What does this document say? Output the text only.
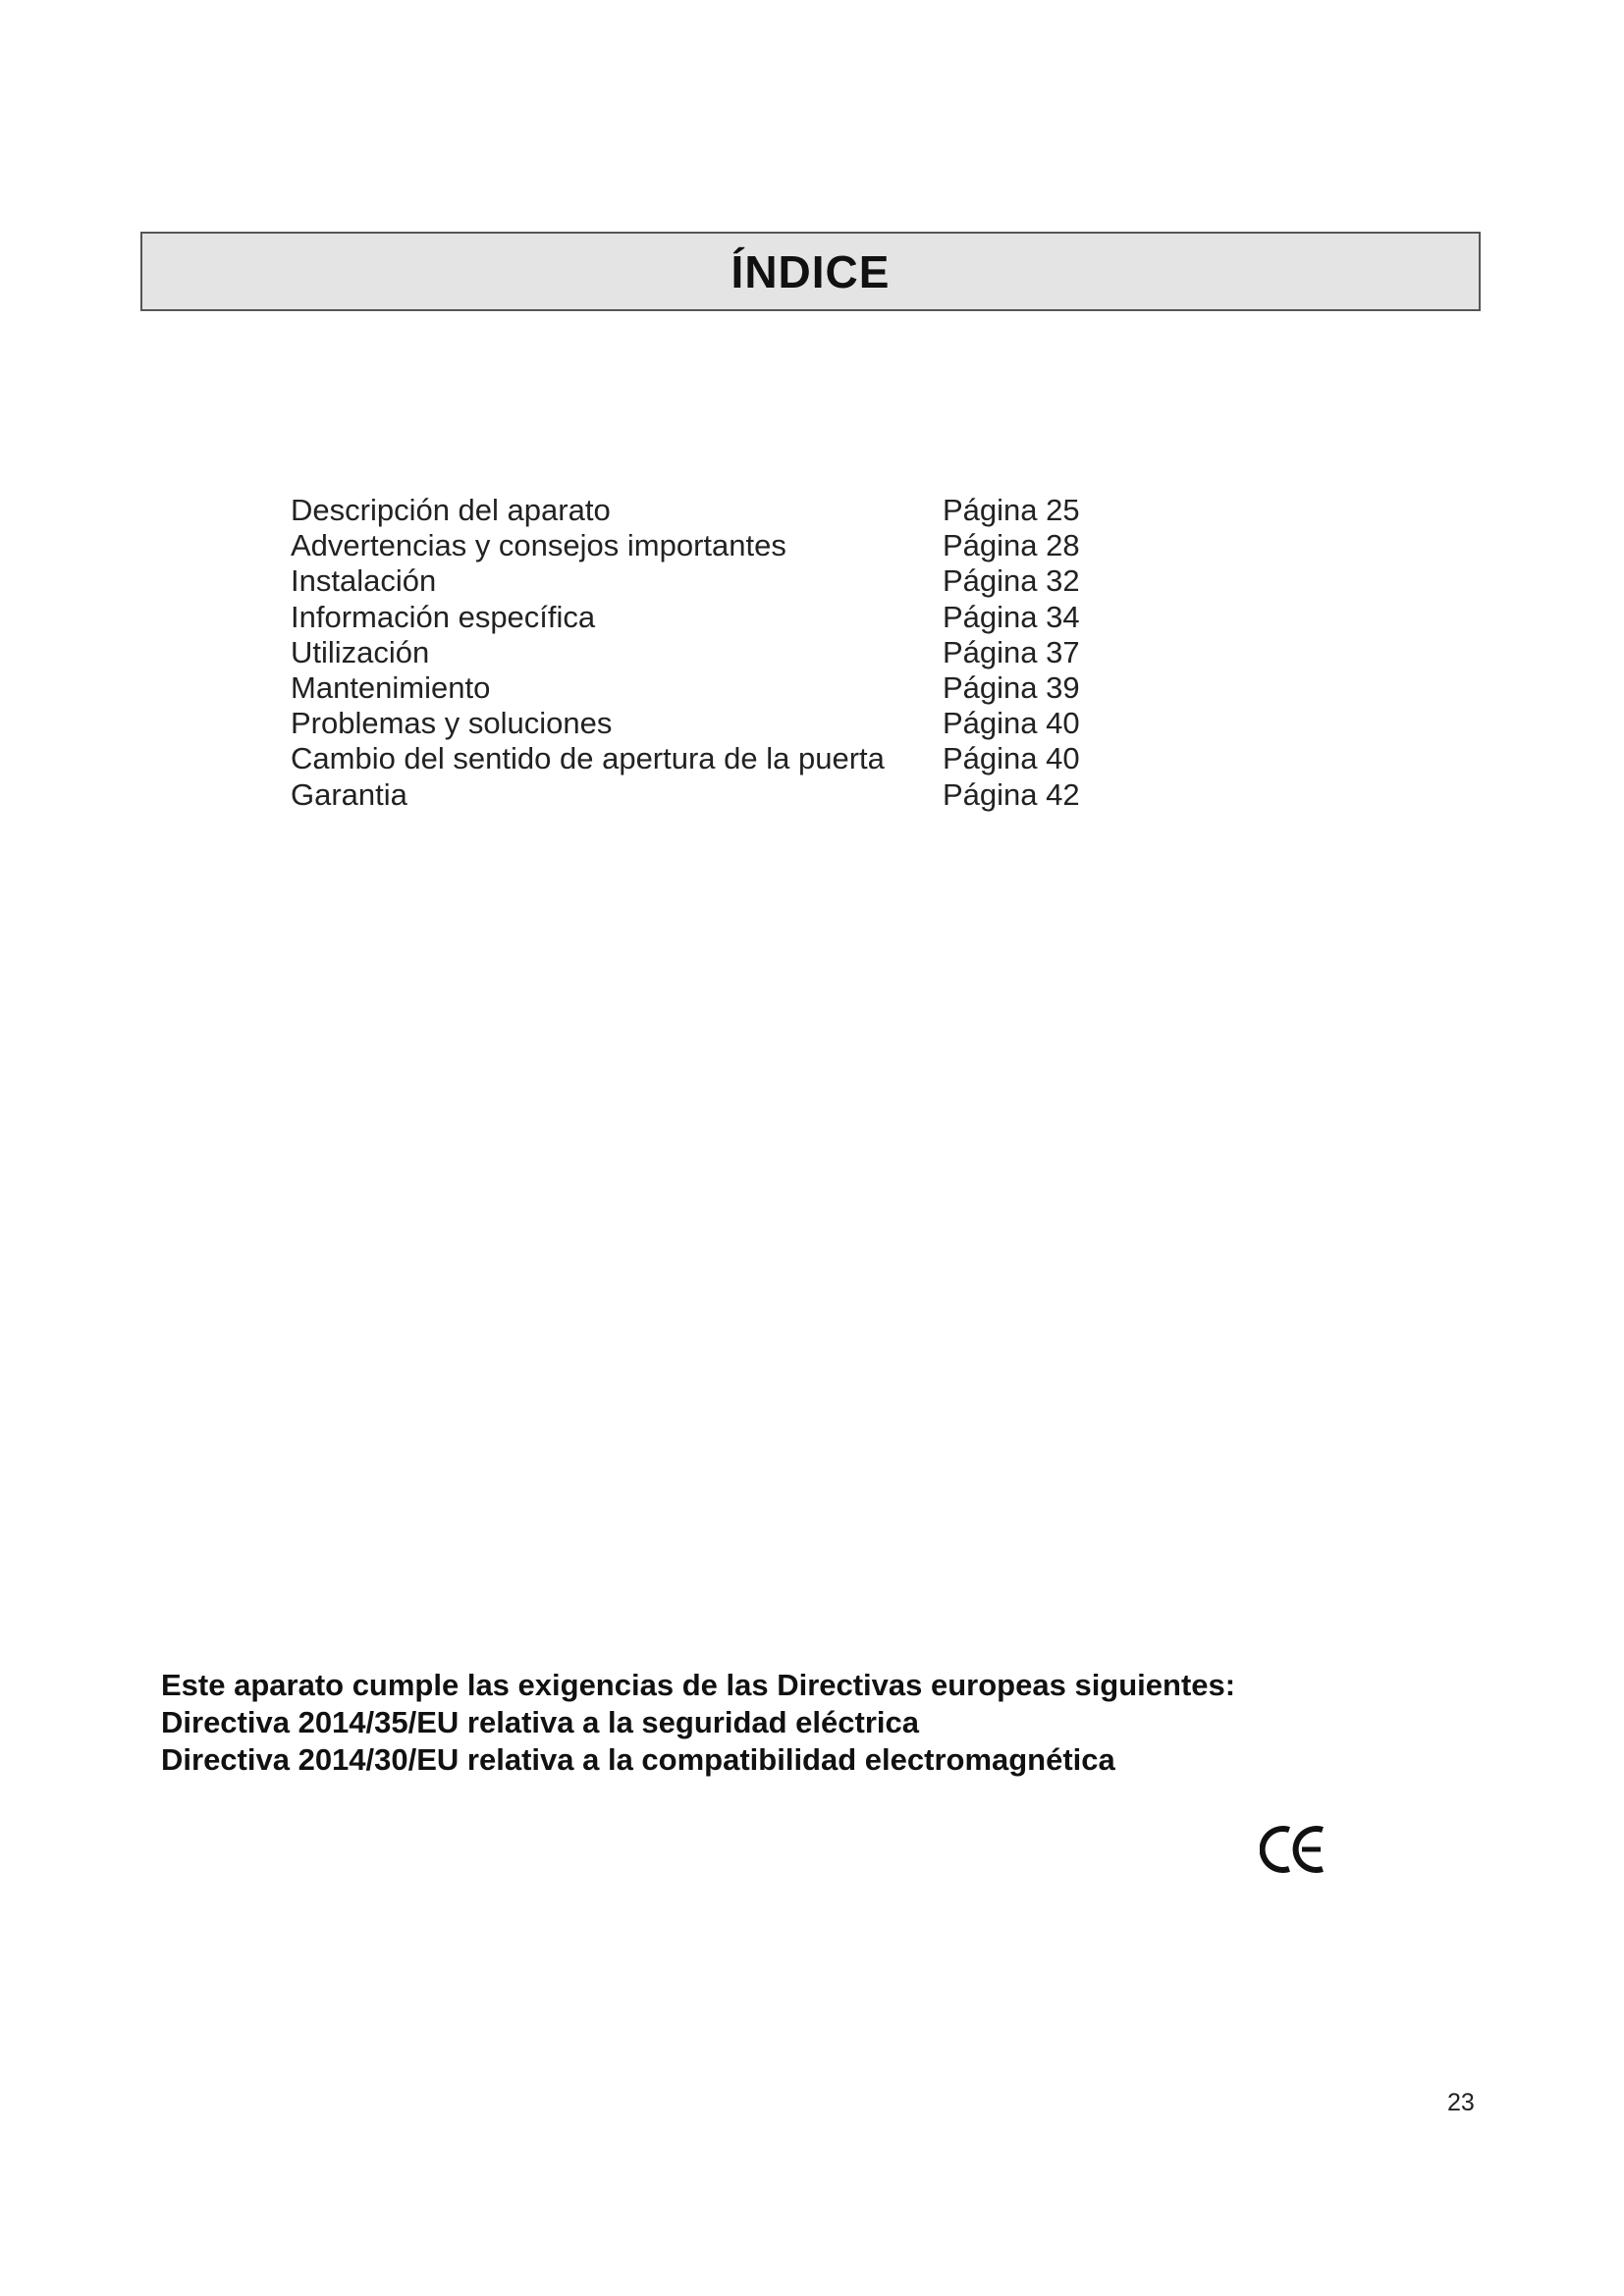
ÍNDICE
Descripción del aparato	Página 25
Advertencias y consejos importantes	Página 28
Instalación	Página 32
Información específica	Página 34
Utilización	Página 37
Mantenimiento	Página 39
Problemas y soluciones	Página 40
Cambio del sentido de apertura de la puerta	Página 40
Garantia	Página 42
Este aparato cumple las exigencias de las Directivas europeas siguientes:
Directiva 2014/35/EU relativa a la seguridad eléctrica
Directiva 2014/30/EU relativa a la compatibilidad electromagnética
23
